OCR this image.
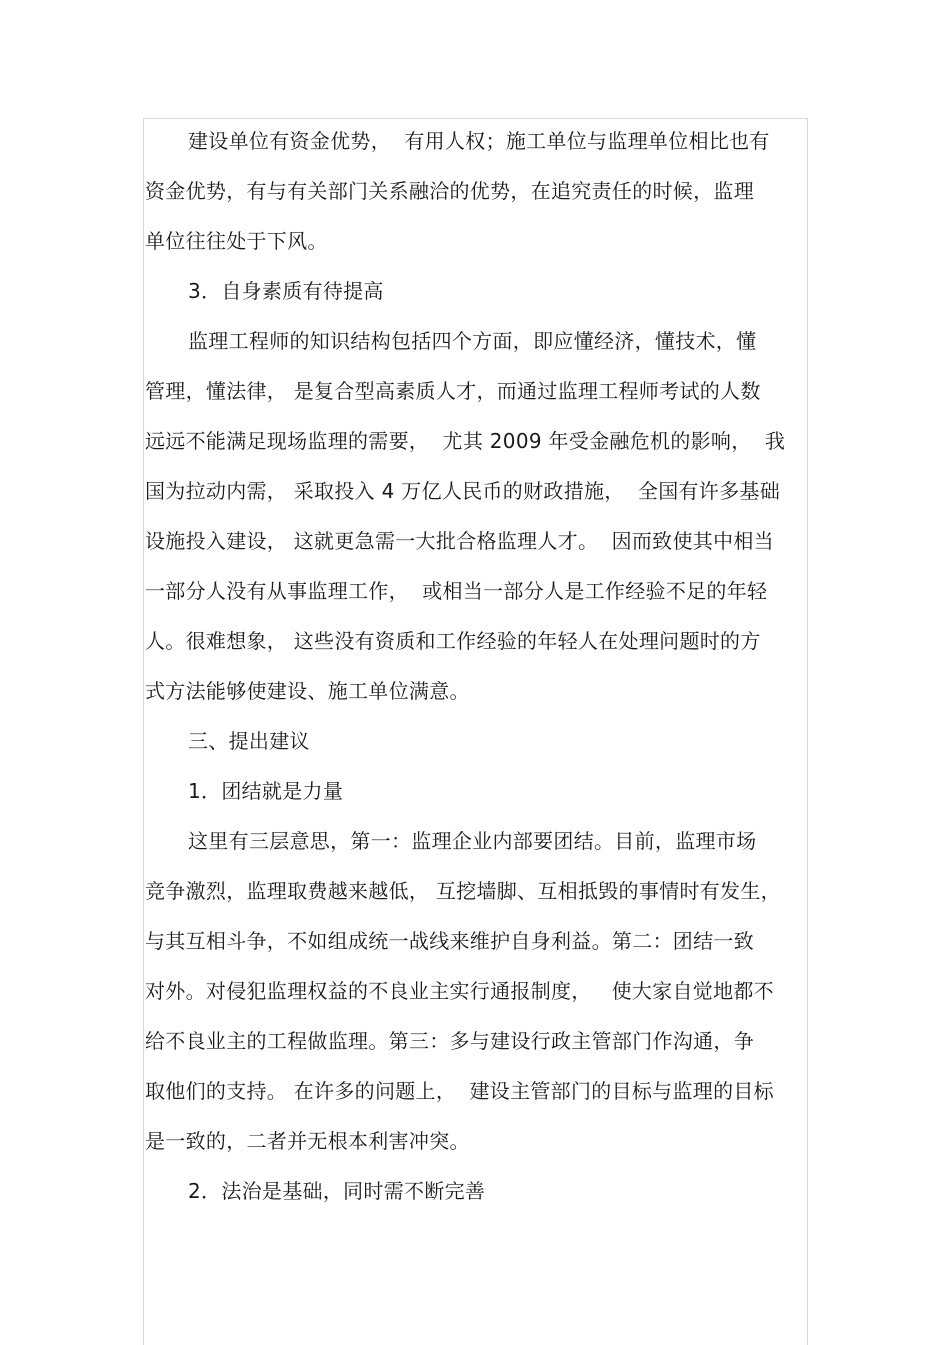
建设单位有资金优势，  有用人权；施工单位与监理单位相比也有
资金优势，有与有关部门关系融洽的优势，在追究责任的时候，监理
单位往往处于下风。
3．自身素质有待提高
监理工程师的知识结构包括四个方面，即应懂经济，懂技术，懂
管理，懂法律， 是复合型高素质人才，而通过监理工程师考试的人数
远远不能满足现场监理的需要，  尤其 2009 年受金融危机的影响，  我
国为拉动内需， 采取投入 4 万亿人民币的财政措施，  全国有许多基础
设施投入建设， 这就更急需一大批合格监理人才。  因而致使其中相当
一部分人没有从事监理工作，  或相当一部分人是工作经验不足的年轻
人。很难想象， 这些没有资质和工作经验的年轻人在处理问题时的方
式方法能够使建设、施工单位满意。
三、提出建议
1．团结就是力量
这里有三层意思，第一：监理企业内部要团结。目前，监理市场
竞争激烈，监理取费越来越低， 互挖墙脚、互相抵毁的事情时有发生，
与其互相斗争，不如组成统一战线来维护自身利益。第二：团结一致
对外。对侵犯监理权益的不良业主实行通报制度，   使大家自觉地都不
给不良业主的工程做监理。第三：多与建设行政主管部门作沟通，争
取他们的支持。 在许多的问题上，  建设主管部门的目标与监理的目标
是一致的，二者并无根本利害冲突。
2．法治是基础，同时需不断完善
